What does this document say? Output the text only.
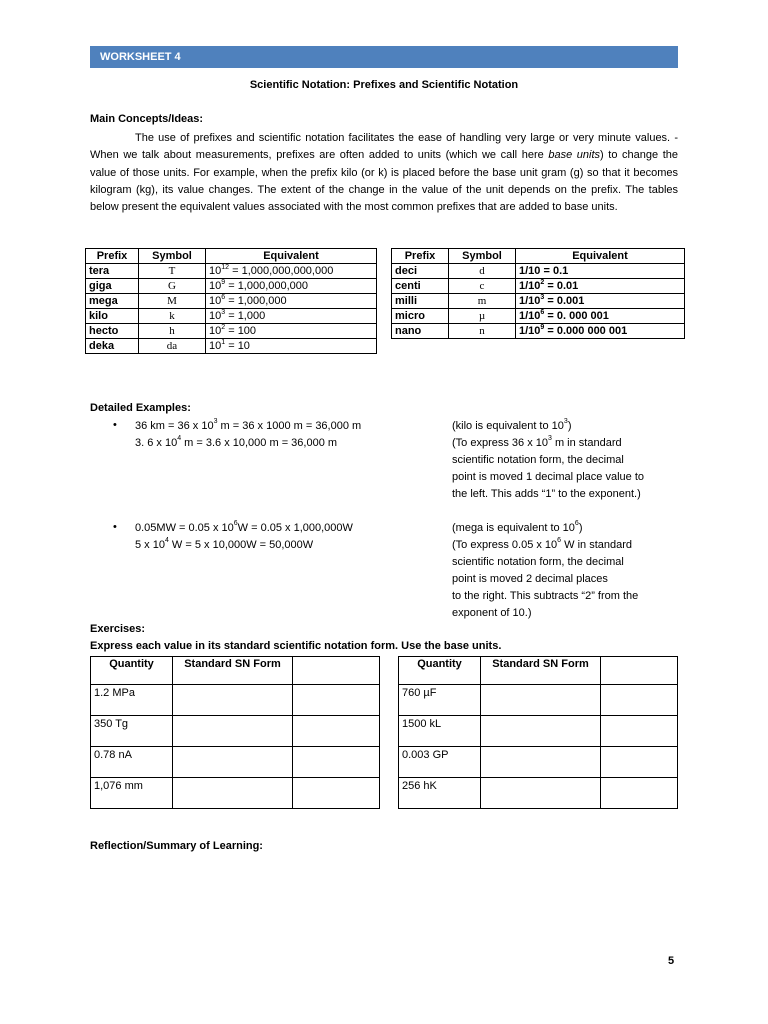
WORKSHEET 4
Scientific Notation: Prefixes and Scientific Notation
Main Concepts/Ideas:
The use of prefixes and scientific notation facilitates the ease of handling very large or very minute values. - When we talk about measurements, prefixes are often added to units (which we call here base units) to change the value of those units. For example, when the prefix kilo (or k) is placed before the base unit gram (g) so that it becomes kilogram (kg), its value changes. The extent of the change in the value of the unit depends on the prefix. The tables below present the equivalent values associated with the most common prefixes that are added to base units.
Prefix	Symbol	Equivalent
tera	T	$10^{12} = 1,000,000,000,000$
giga	G	$10^9 = 1,000,000,000$
mega	M	$10^6 = 1,000,000$
kilo	k	$10^3 = 1,000$
hecto	h	$10^2 = 100$
deka	da	$10^1 = 10$
Prefix	Symbol	Equivalent
deci	d	1/10 = 0.1
centi	c	$1/10^2 = 0.01$
milli	m	$1/10^3 = 0.001$
micro	µ	$1/10^6 = 0$. 000 001
nano	n	$1/10^9 = 0.000$ 000 001
Detailed Examples:
• 36 km = 36 x $10^3$ m = 36 x 1000 m = 36,000 m
3. 6 x $10^4$ m = 3.6 x 10,000 m = 36,000 m
(kilo is equivalent to $10^3$)
(To express 36 x $10^3$ m in standard
scientific notation form, the decimal
point is moved 1 decimal place value to
the left. This adds “1” to the exponent.)
• 0.05MW = 0.05 x $10^6W = 0.05$ x 1,000,000W
5 x $10^4$ W = 5 x 10,000W = 50,000W
(mega is equivalent to $10^6$)
(To express 0.05 x $10^6$ W in standard
scientific notation form, the decimal
point is moved 2 decimal places
to the right. This subtracts “2” from the
exponent of 10.)
Exercises:
Express each value in its standard scientific notation form. Use the base units.
Quantity	Standard SN Form	
1.2 MPa		
350 Tg		
0.78 nA		
1,076 mm		
Quantity	Standard SN Form	
760 µF		
1500 kL		
0.003 GP		
256 hK		
Reflection/Summary of Learning:
5
